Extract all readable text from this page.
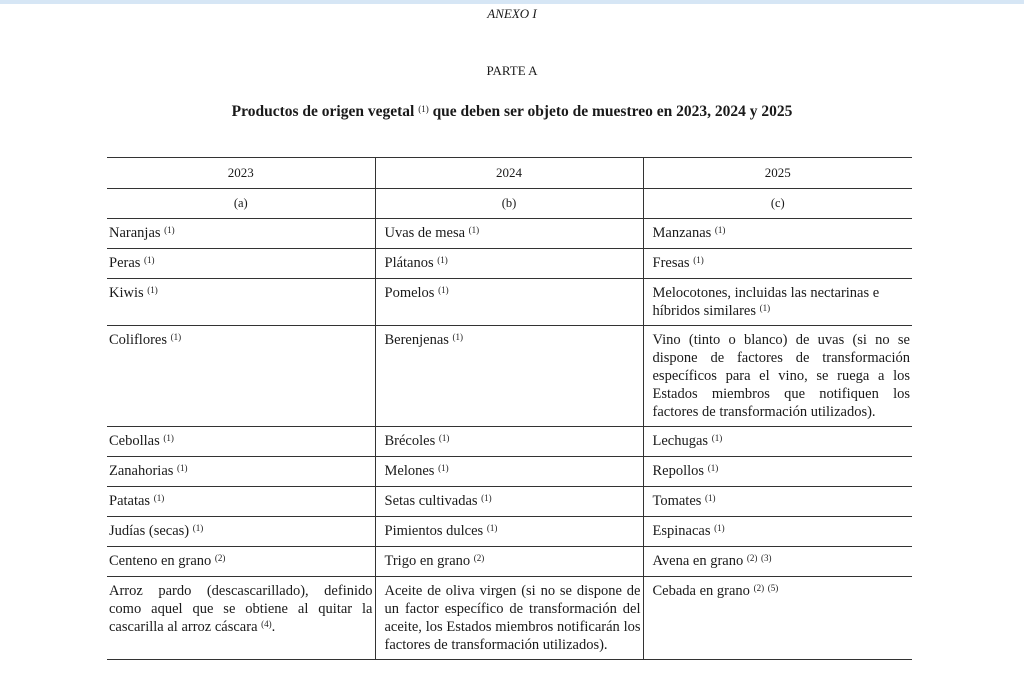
ANEXO I
PARTE A
Productos de origen vegetal $^{(1)}$ que deben ser objeto de muestreo en 2023, 2024 y 2025
2023	2024	2025
(a)	(b)	(c)
Naranjas $^{(1)}$	Uvas de mesa $^{(1)}$	Manzanas $^{(1)}$
Peras $^{(1)}$	Plátanos $^{(1)}$	Fresas $^{(1)}$
Kiwis $^{(1)}$	Pomelos $^{(1)}$	Melocotones, incluidas las nectarinas e híbridos similares $^{(1)}$
Coliflores $^{(1)}$	Berenjenas $^{(1)}$	Vino (tinto o blanco) de uvas (si no se dispone de factores de transformación específicos para el vino, se ruega a los Estados miembros que notifiquen los factores de transformación utilizados).
Cebollas $^{(1)}$	Brécoles $^{(1)}$	Lechugas $^{(1)}$
Zanahorias $^{(1)}$	Melones $^{(1)}$	Repollos $^{(1)}$
Patatas $^{(1)}$	Setas cultivadas $^{(1)}$	Tomates $^{(1)}$
Judías (secas) $^{(1)}$	Pimientos dulces $^{(1)}$	Espinacas $^{(1)}$
Centeno en grano $^{(2)}$	Trigo en grano $^{(2)}$	Avena en grano $^{(2)}$ $^{(3)}$
Arroz pardo (descascarillado), definido como aquel que se obtiene al quitar la cascarilla al arroz cáscara $^{(4)}$.	Aceite de oliva virgen (si no se dispone de un factor específico de transformación del aceite, los Estados miembros notificarán los factores de transformación utilizados).	Cebada en grano $^{(2)}$ $^{(5)}$
